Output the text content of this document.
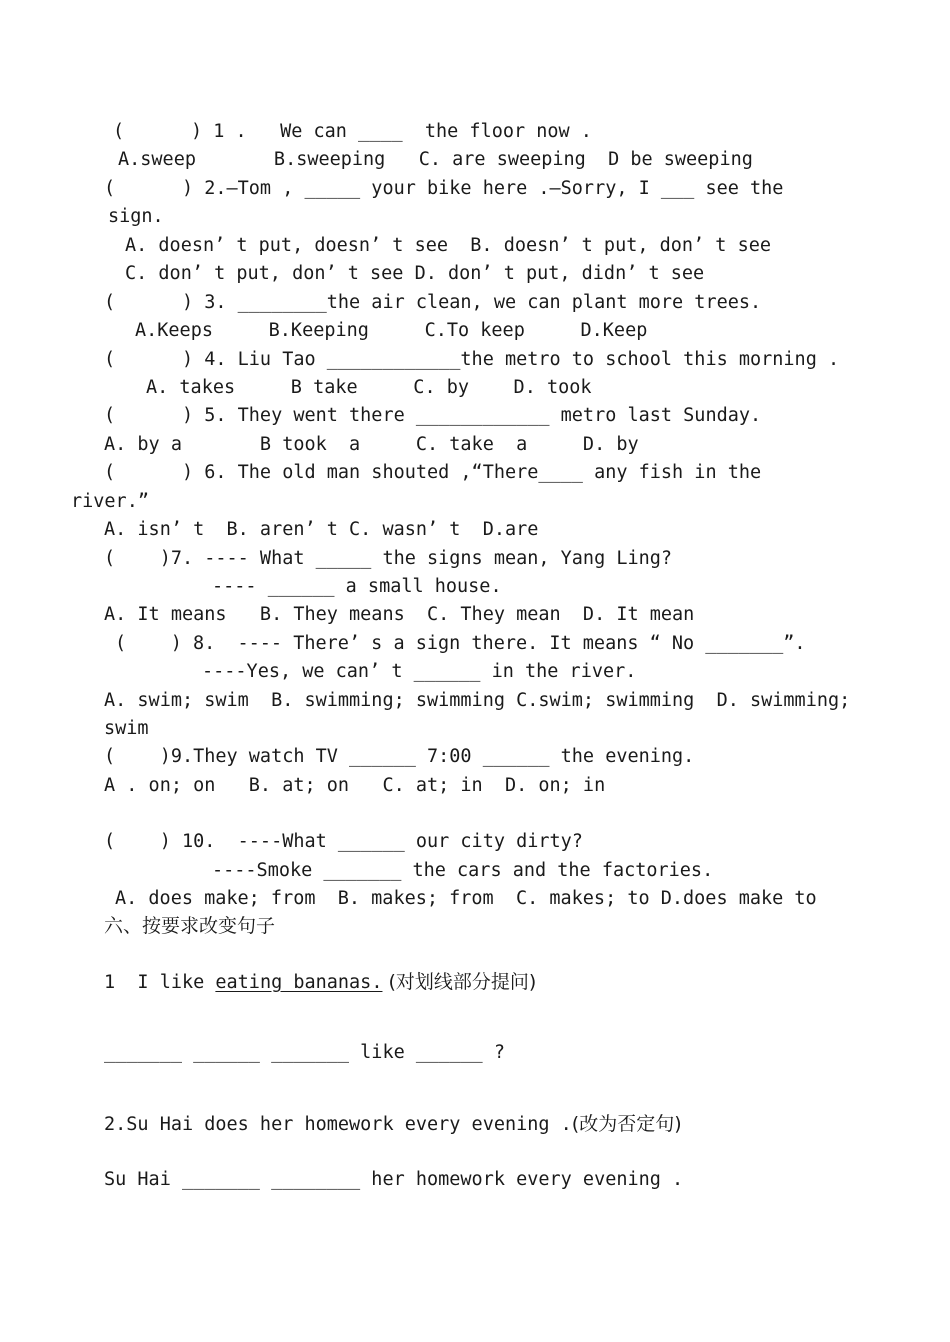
(      ) 1 .   We can ____  the floor now .
A.sweep       B.sweeping   C. are sweeping  D be sweeping
(      ) 2.—Tom , _____ your bike here .—Sorry, I ___ see the
sign.
A. doesn’ t put, doesn’ t see  B. doesn’ t put, don’ t see
C. don’ t put, don’ t see D. don’ t put, didn’ t see
(      ) 3. ________the air clean, we can plant more trees.
A.Keeps     B.Keeping     C.To keep     D.Keep
(      ) 4. Liu Tao ____________the metro to school this morning .
A. takes     B take     C. by    D. took
(      ) 5. They went there ____________ metro last Sunday.
A. by a       B took  a     C. take  a     D. by
(      ) 6. The old man shouted ,“There____ any fish in the
river.”
A. isn’ t  B. aren’ t C. wasn’ t  D.are
(    )7. ---- What _____ the signs mean, Yang Ling?
---- ______ a small house.
A. It means   B. They means  C. They mean  D. It mean
(    ) 8.  ---- There’ s a sign there. It means “ No _______”.
----Yes, we can’ t ______ in the river.
A. swim; swim  B. swimming; swimming C.swim; swimming  D. swimming;
swim
(    )9.They watch TV ______ 7:00 ______ the evening.
A . on; on   B. at; on   C. at; in  D. on; in
(    ) 10.  ----What ______ our city dirty?
----Smoke _______ the cars and the factories.
A. does make; from  B. makes; from  C. makes; to D.does make to
六、按要求改变句子
1  I like eating bananas. (对划线部分提问)
_______ ______ _______ like ______ ?
2.Su Hai does her homework every evening .(改为否定句)
Su Hai _______ ________ her homework every evening .
